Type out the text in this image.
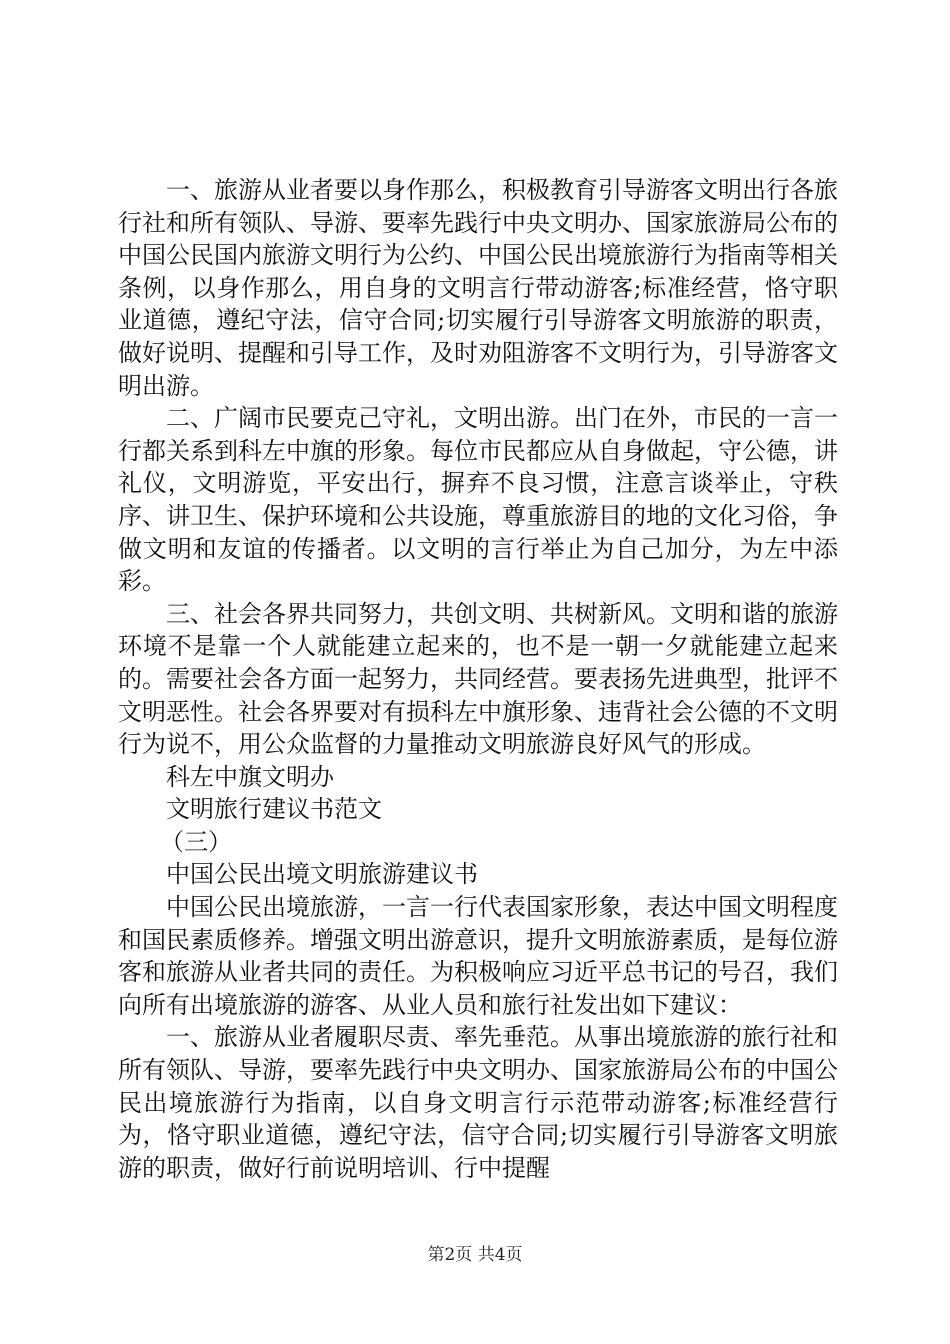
一、旅游从业者要以身作那么，积极教育引导游客文明出行各旅行社和所有领队、导游、要率先践行中央文明办、国家旅游局公布的中国公民国内旅游文明行为公约、中国公民出境旅游行为指南等相关条例，以身作那么，用自身的文明言行带动游客;标准经营，恪守职业道德，遵纪守法，信守合同;切实履行引导游客文明旅游的职责，做好说明、提醒和引导工作，及时劝阻游客不文明行为，引导游客文明出游。

二、广阔市民要克己守礼，文明出游。出门在外，市民的一言一行都关系到科左中旗的形象。每位市民都应从自身做起，守公德，讲礼仪，文明游览，平安出行，摒弃不良习惯，注意言谈举止，守秩序、讲卫生、保护环境和公共设施，尊重旅游目的地的文化习俗，争做文明和友谊的传播者。以文明的言行举止为自己加分，为左中添彩。

三、社会各界共同努力，共创文明、共树新风。文明和谐的旅游环境不是靠一个人就能建立起来的，也不是一朝一夕就能建立起来的。需要社会各方面一起努力，共同经营。要表扬先进典型，批评不文明恶性。社会各界要对有损科左中旗形象、违背社会公德的不文明行为说不，用公众监督的力量推动文明旅游良好风气的形成。

科左中旗文明办

文明旅行建议书范文

（三）

中国公民出境文明旅游建议书

中国公民出境旅游，一言一行代表国家形象，表达中国文明程度和国民素质修养。增强文明出游意识，提升文明旅游素质，是每位游客和旅游从业者共同的责任。为积极响应习近平总书记的号召，我们向所有出境旅游的游客、从业人员和旅行社发出如下建议：

一、旅游从业者履职尽责、率先垂范。从事出境旅游的旅行社和所有领队、导游，要率先践行中央文明办、国家旅游局公布的中国公民出境旅游行为指南，以自身文明言行示范带动游客;标准经营行为，恪守职业道德，遵纪守法，信守合同;切实履行引导游客文明旅游的职责，做好行前说明培训、行中提醒

第2页 共4页
